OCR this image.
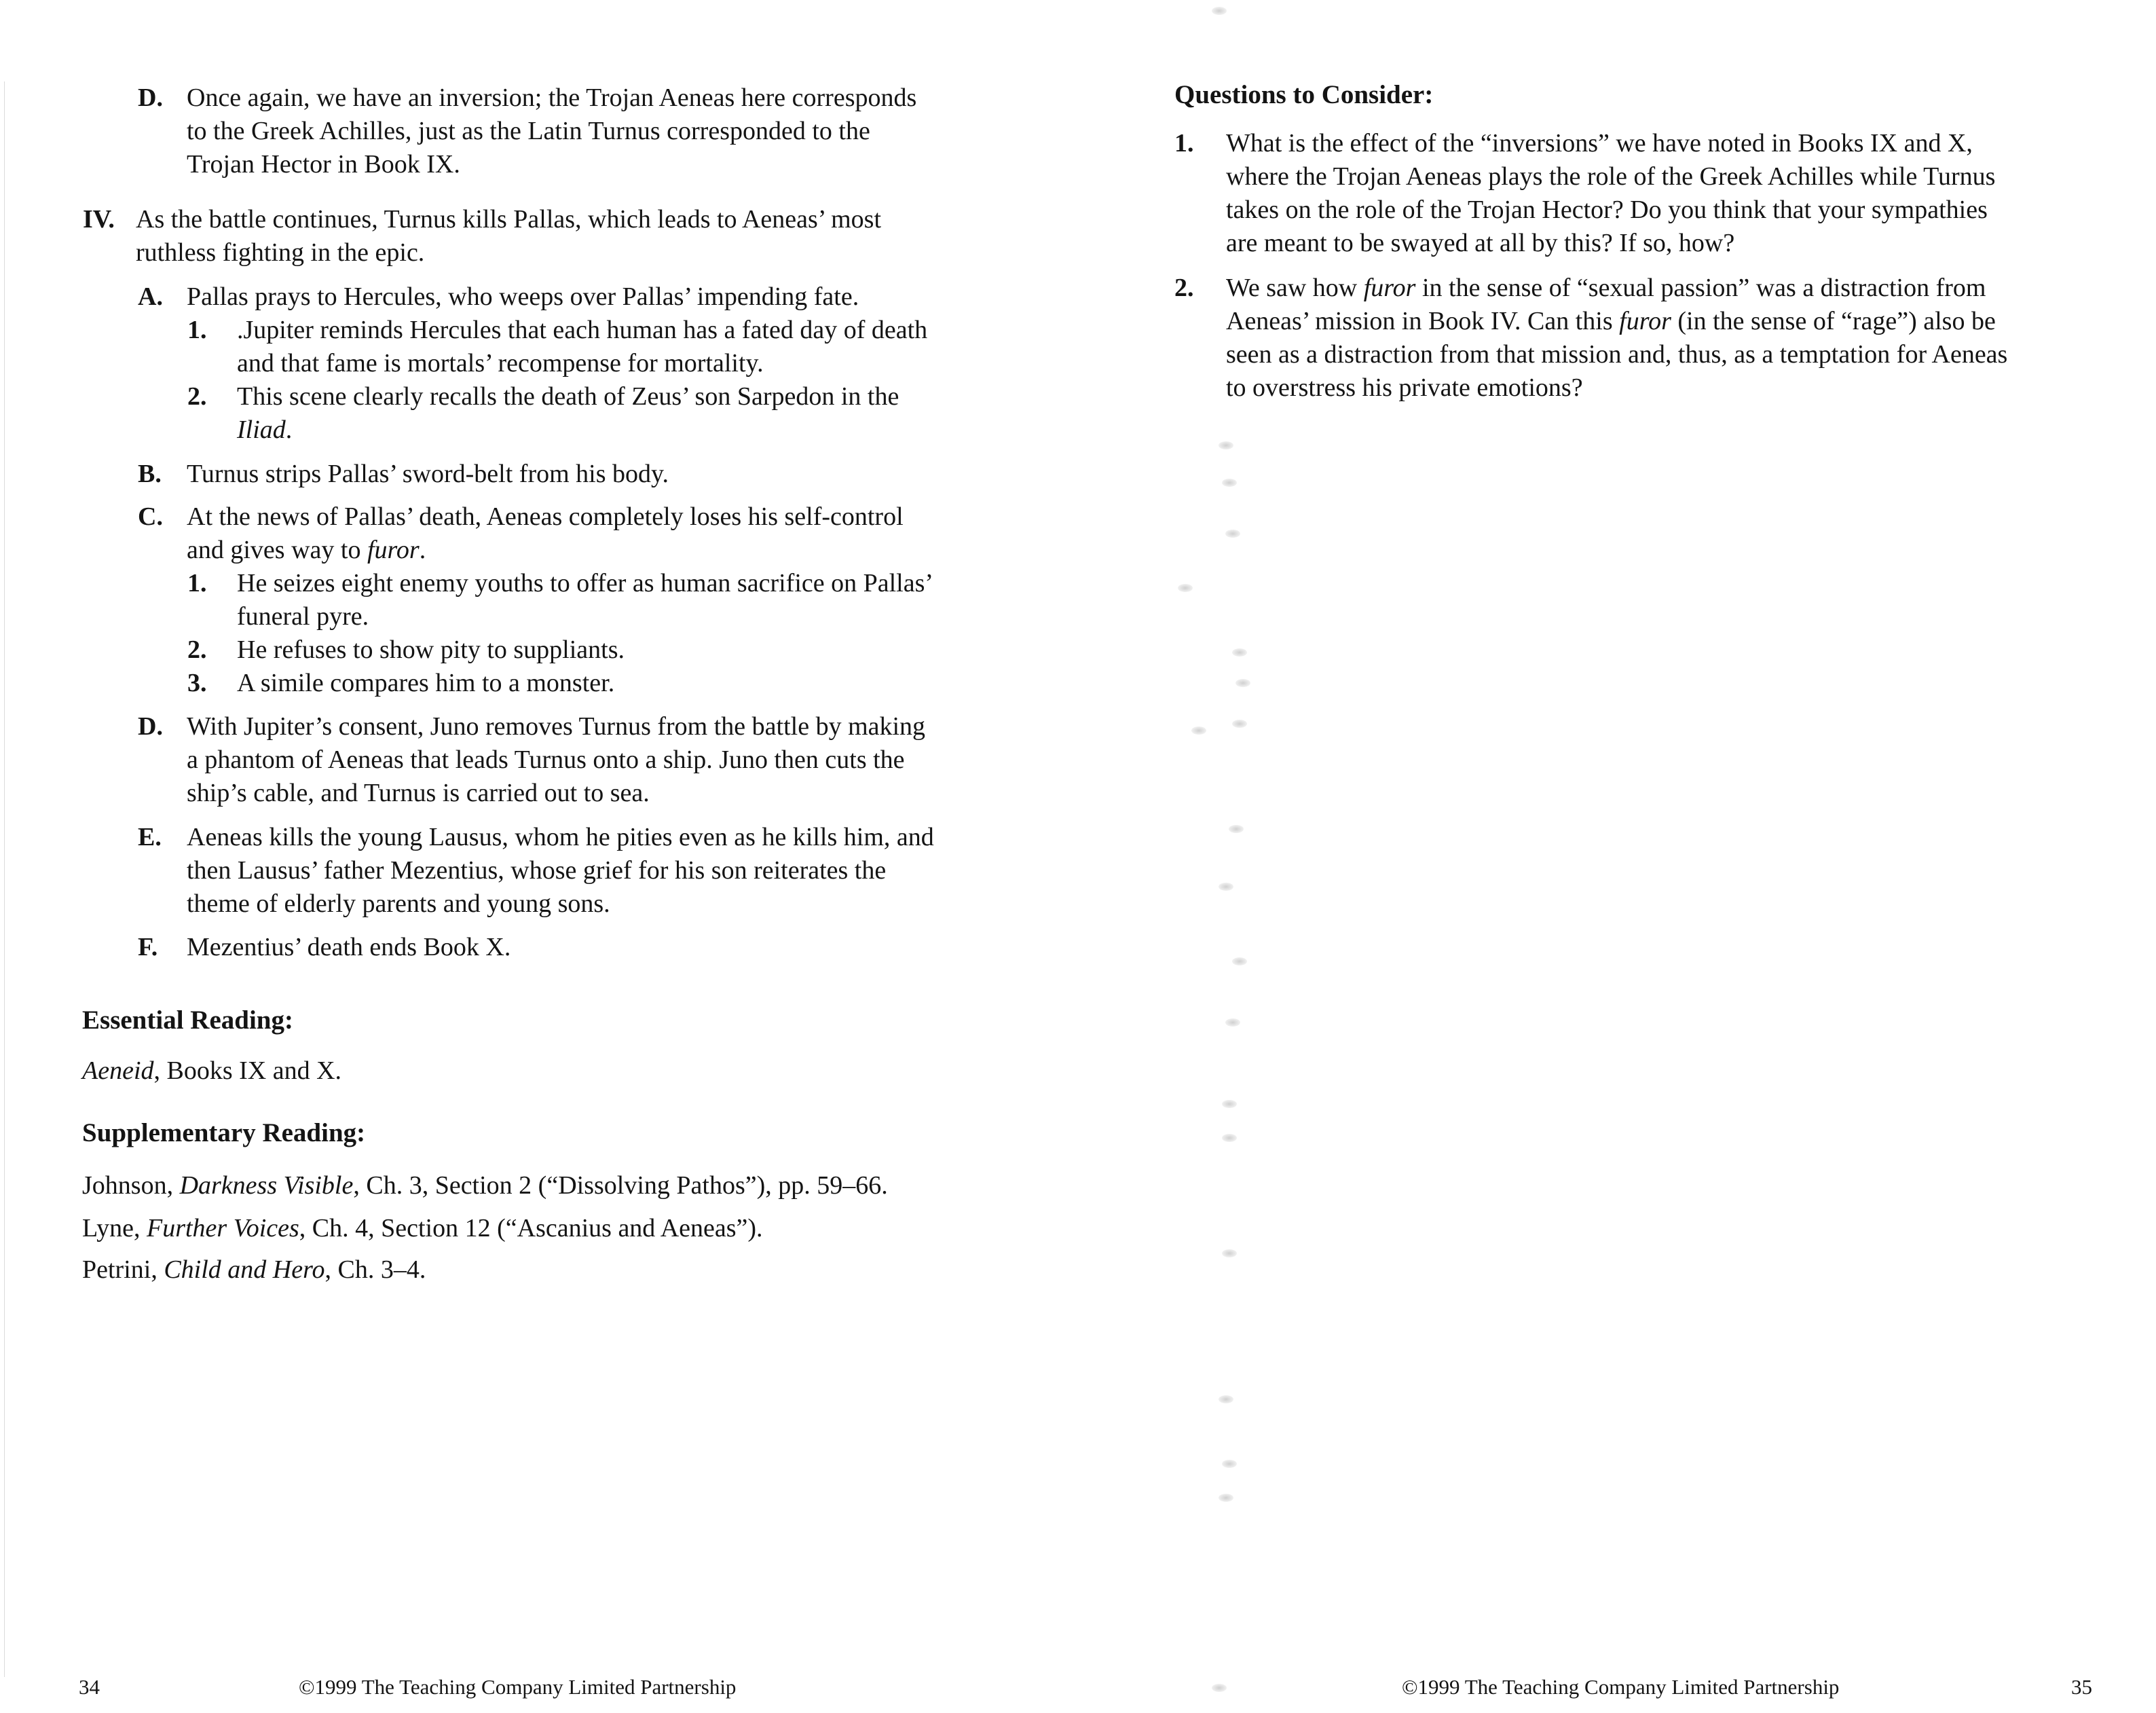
D. Once again, we have an inversion; the Trojan Aeneas here corresponds
to the Greek Achilles, just as the Latin Turnus corresponded to the
Trojan Hector in Book IX.
IV. As the battle continues, Turnus kills Pallas, which leads to Aeneas’ most
ruthless fighting in the epic.
A. Pallas prays to Hercules, who weeps over Pallas’ impending fate.
1. .Jupiter reminds Hercules that each human has a fated day of death
and that fame is mortals’ recompense for mortality.
2. This scene clearly recalls the death of Zeus’ son Sarpedon in the
Iliad.
B. Turnus strips Pallas’ sword-belt from his body.
C. At the news of Pallas’ death, Aeneas completely loses his self-control
and gives way to furor.
1. He seizes eight enemy youths to offer as human sacrifice on Pallas’
funeral pyre.
2. He refuses to show pity to suppliants.
3. A simile compares him to a monster.
D. With Jupiter’s consent, Juno removes Turnus from the battle by making
a phantom of Aeneas that leads Turnus onto a ship. Juno then cuts the
ship’s cable, and Turnus is carried out to sea.
E. Aeneas kills the young Lausus, whom he pities even as he kills him, and
then Lausus’ father Mezentius, whose grief for his son reiterates the
theme of elderly parents and young sons.
F. Mezentius’ death ends Book X.
Essential Reading:
Aeneid, Books IX and X.
Supplementary Reading:
Johnson, Darkness Visible, Ch. 3, Section 2 (“Dissolving Pathos”), pp. 59–66.
Lyne, Further Voices, Ch. 4, Section 12 (“Ascanius and Aeneas”).
Petrini, Child and Hero, Ch. 3–4.
34	©1999 The Teaching Company Limited Partnership
Questions to Consider:
1. What is the effect of the “inversions” we have noted in Books IX and X,
where the Trojan Aeneas plays the role of the Greek Achilles while Turnus
takes on the role of the Trojan Hector? Do you think that your sympathies
are meant to be swayed at all by this? If so, how?
2. We saw how furor in the sense of “sexual passion” was a distraction from
Aeneas’ mission in Book IV. Can this furor (in the sense of “rage”) also be
seen as a distraction from that mission and, thus, as a temptation for Aeneas
to overstress his private emotions?
©1999 The Teaching Company Limited Partnership	35
